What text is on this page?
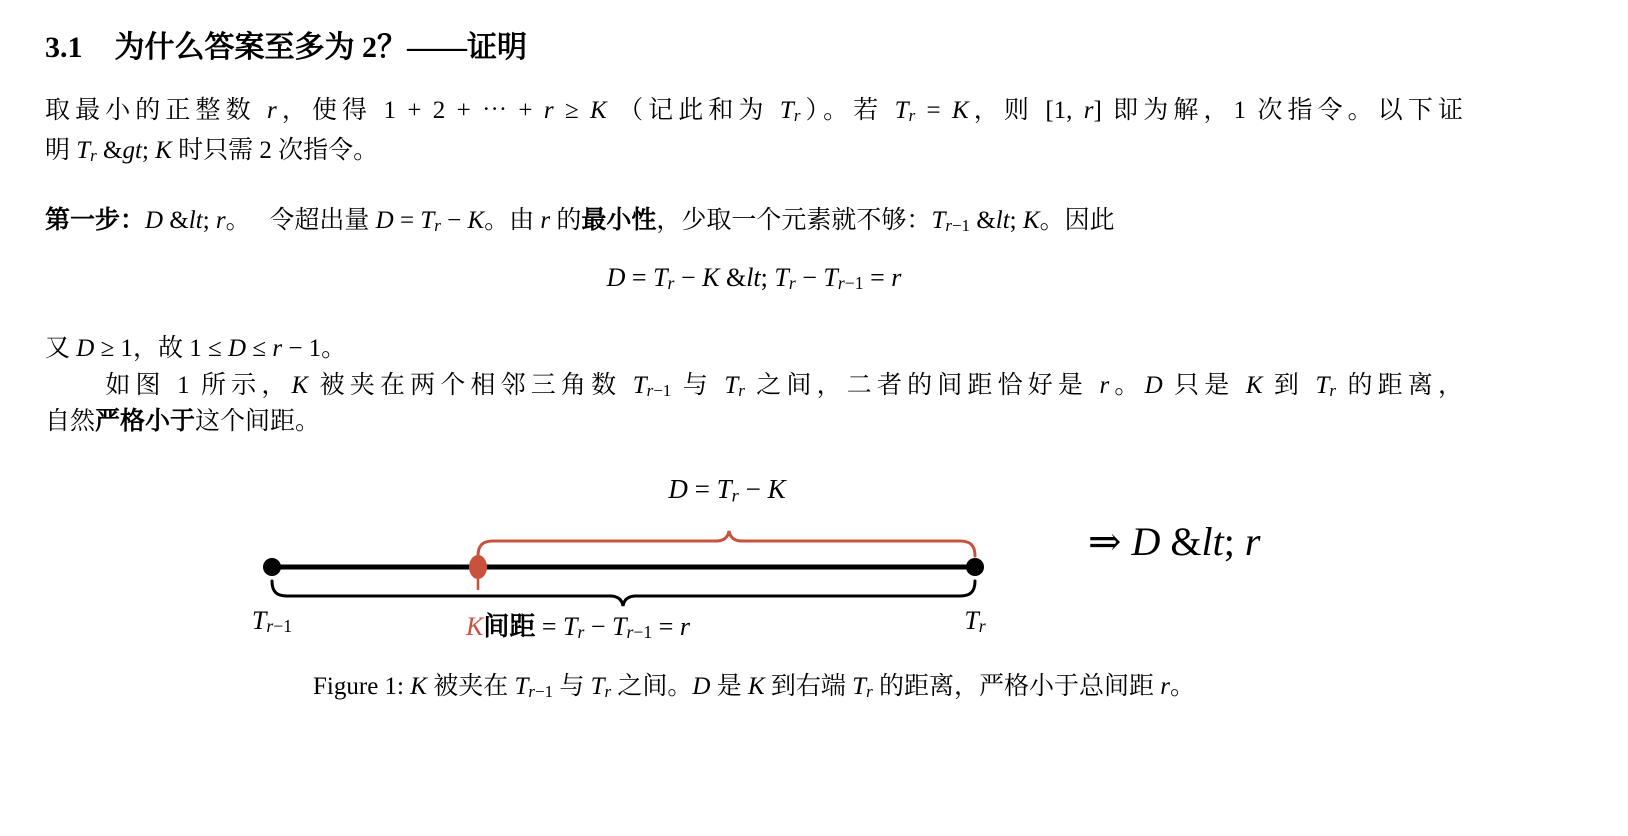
3.1 为什么答案至多为 2？——证明
取最小的正整数 r，使得 1 + 2 + ⋯ + r ≥ K （记此和为 $T_r$）。若 $T_r = K$，则 [1, r] 即为解，1 次指令。以下证
明 $T_r$ &gt; K 时只需 2 次指令。
第一步：D &lt; r。　 令超出量 $D = T_r - K$。由 r 的最小性，少取一个元素就不够：$T_{r-1}$ &lt; K。因此
$D = T_r - K$ &lt; $T_r - T_{r-1} = r$
又 D ≥ 1，故 1 ≤ D ≤ r − 1。
　　如图 1 所示，K 被夹在两个相邻三角数 $T_{r-1}$ 与 $T_r$ 之间，二者的间距恰好是 r。D 只是 K 到 $T_r$ 的距离，
自然严格小于这个间距。
$D = T_r - K$
⇒ D &lt; r
$T_{r-1}$	K间距 = $T_r - T_{r-1} = r$	$T_r$
Figure 1: K 被夹在 $T_{r-1}$ 与 $T_r$ 之间。D 是 K 到右端 $T_r$ 的距离，严格小于总间距 r。
